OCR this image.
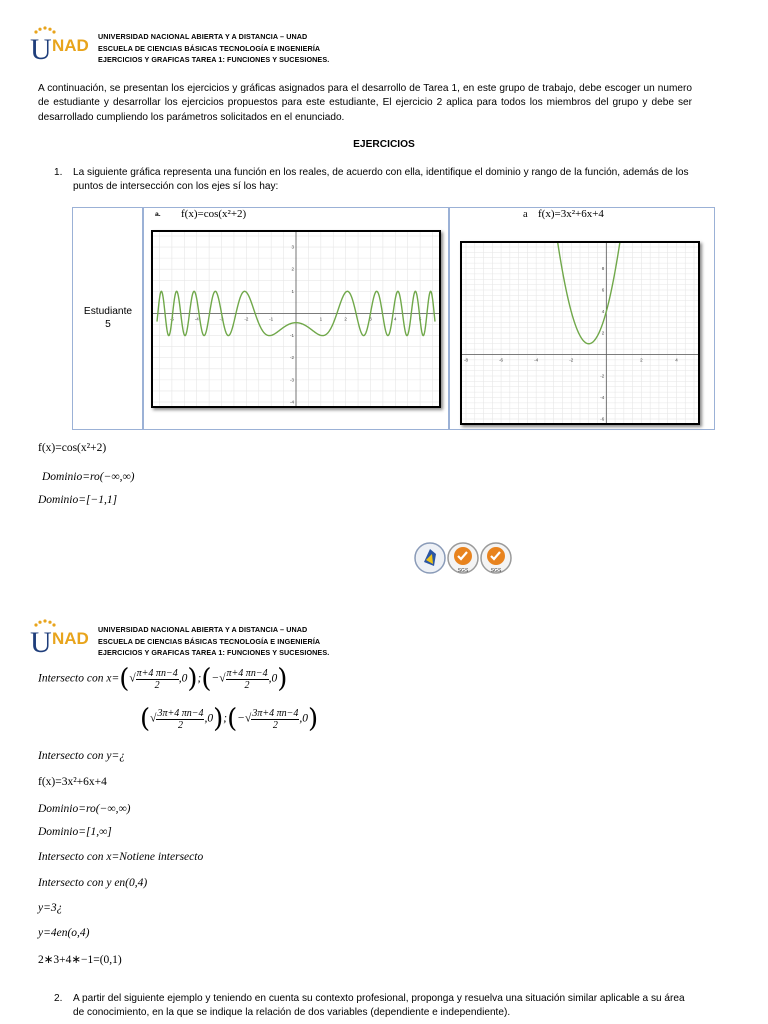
U NAD UNIVERSIDAD NACIONAL ABIERTA Y A DISTANCIA – UNAD
ESCUELA DE CIENCIAS BÁSICAS TECNOLOGÍA E INGENIERÍA
EJERCICIOS Y GRAFICAS TAREA 1: FUNCIONES Y SUCESIONES.
A continuación, se presentan los ejercicios y gráficas asignados para el desarrollo de Tarea 1, en este grupo de trabajo, debe escoger un numero de estudiante y desarrollar los ejercicios propuestos para este estudiante, El ejercicio 2 aplica para todos los miembros del grupo y debe ser desarrollado cumpliendo los parámetros solicitados en el enunciado.
EJERCICIOS
1. La siguiente gráfica representa una función en los reales, de acuerdo con ella, identifique el dominio y rango de la función, además de los puntos de intersección con los ejes sí los hay:
Estudiante
5
a. f(x)=cos(x²+2)
-5	-4	-3	-2	-1	1	2	3	4	5
-4
-3
-2
-1
1
2
3
a f(x)=3x²+6x+4
-8	-6	-4	-2	2	4
-6
-4
-2
2
4
6
8
f(x)=cos(x²+2)
Dominio=ro(−∞,∞)
Dominio=[−1,1]
SGS	SGS
U NAD UNIVERSIDAD NACIONAL ABIERTA Y A DISTANCIA – UNAD
ESCUELA DE CIENCIAS BÁSICAS TECNOLOGÍA E INGENIERÍA
EJERCICIOS Y GRAFICAS TAREA 1: FUNCIONES Y SUCESIONES.
Intersecto con $x=(√ \frac{\pi+4 \pi n-4}{2}$ ,0);(−√ $\frac{\pi+4 \pi n-4}{2} ,0$)
(√ $\frac{3\pi+4 \pi n-4}{2}$ ,0);(−√ $\frac{3\pi+4 \pi n-4}{2} ,0$)
Intersecto con y=¿
f(x)=3x²+6x+4
Dominio=ro(−∞,∞)
Dominio=[1,∞]
Intersecto con x=Notiene intersecto
Intersecto con y en(0,4)
y=3¿
y=4en(o,4)
2∗3+4∗−1=(0,1)
2. A partir del siguiente ejemplo y teniendo en cuenta su contexto profesional, proponga y resuelva una situación similar aplicable a su área de conocimiento, en la que se indique la relación de dos variables (dependiente e independiente).
